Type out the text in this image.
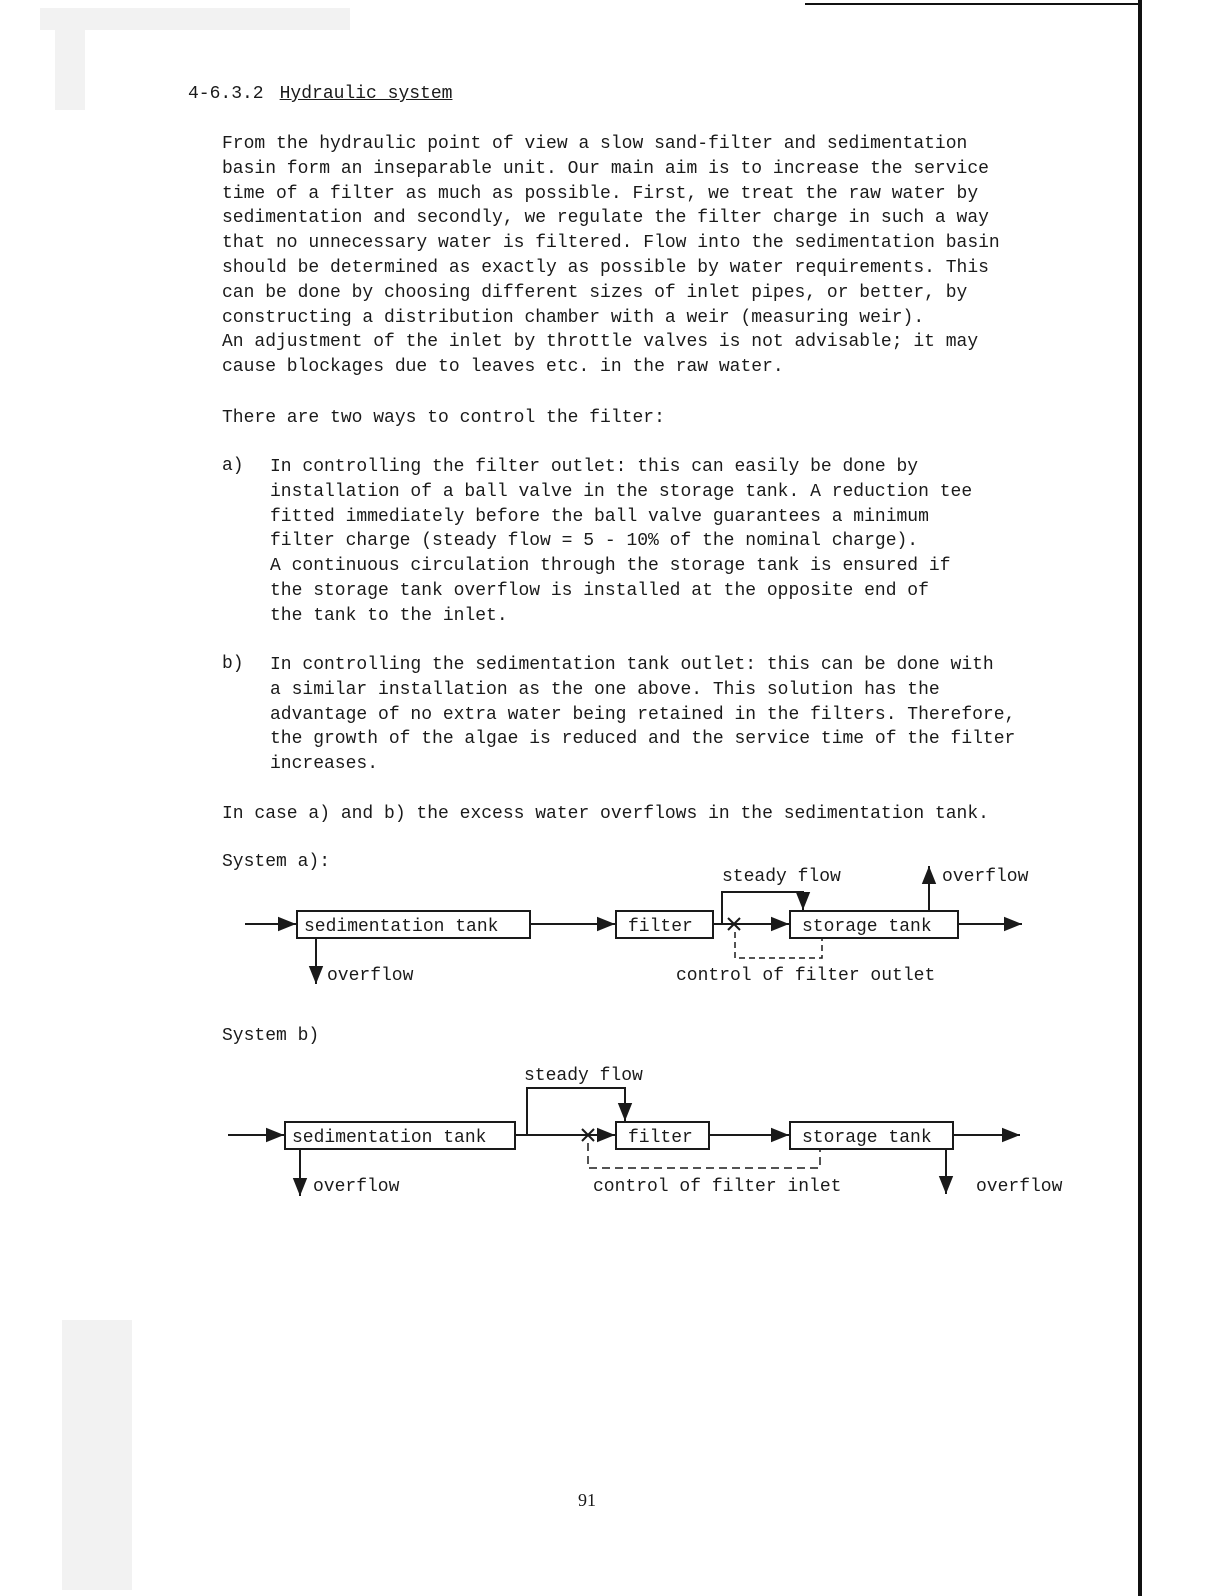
4-6.3.2 Hydraulic system

From the hydraulic point of view a slow sand-filter and sedimentation
basin form an inseparable unit. Our main aim is to increase the service
time of a filter as much as possible. First, we treat the raw water by
sedimentation and secondly, we regulate the filter charge in such a way
that no unnecessary water is filtered. Flow into the sedimentation basin
should be determined as exactly as possible by water requirements. This
can be done by choosing different sizes of inlet pipes, or better, by
constructing a distribution chamber with a weir (measuring weir).
An adjustment of the inlet by throttle valves is not advisable; it may
cause blockages due to leaves etc. in the raw water.

There are two ways to control the filter:

a) In controlling the filter outlet: this can easily be done by
installation of a ball valve in the storage tank. A reduction tee
fitted immediately before the ball valve guarantees a minimum
filter charge (steady flow = 5 - 10% of the nominal charge).
A continuous circulation through the storage tank is ensured if
the storage tank overflow is installed at the opposite end of
the tank to the inlet.

b) In controlling the sedimentation tank outlet: this can be done with
a similar installation as the one above. This solution has the
advantage of no extra water being retained in the filters. Therefore,
the growth of the algae is reduced and the service time of the filter
increases.

In case a) and b) the excess water overflows in the sedimentation tank.

System a):
sedimentation tank	filter	storage tank
steady flow	overflow
overflow	control of filter outlet
System b)
sedimentation tank	filter	storage tank
steady flow
overflow	overflow
control of filter inlet
91
